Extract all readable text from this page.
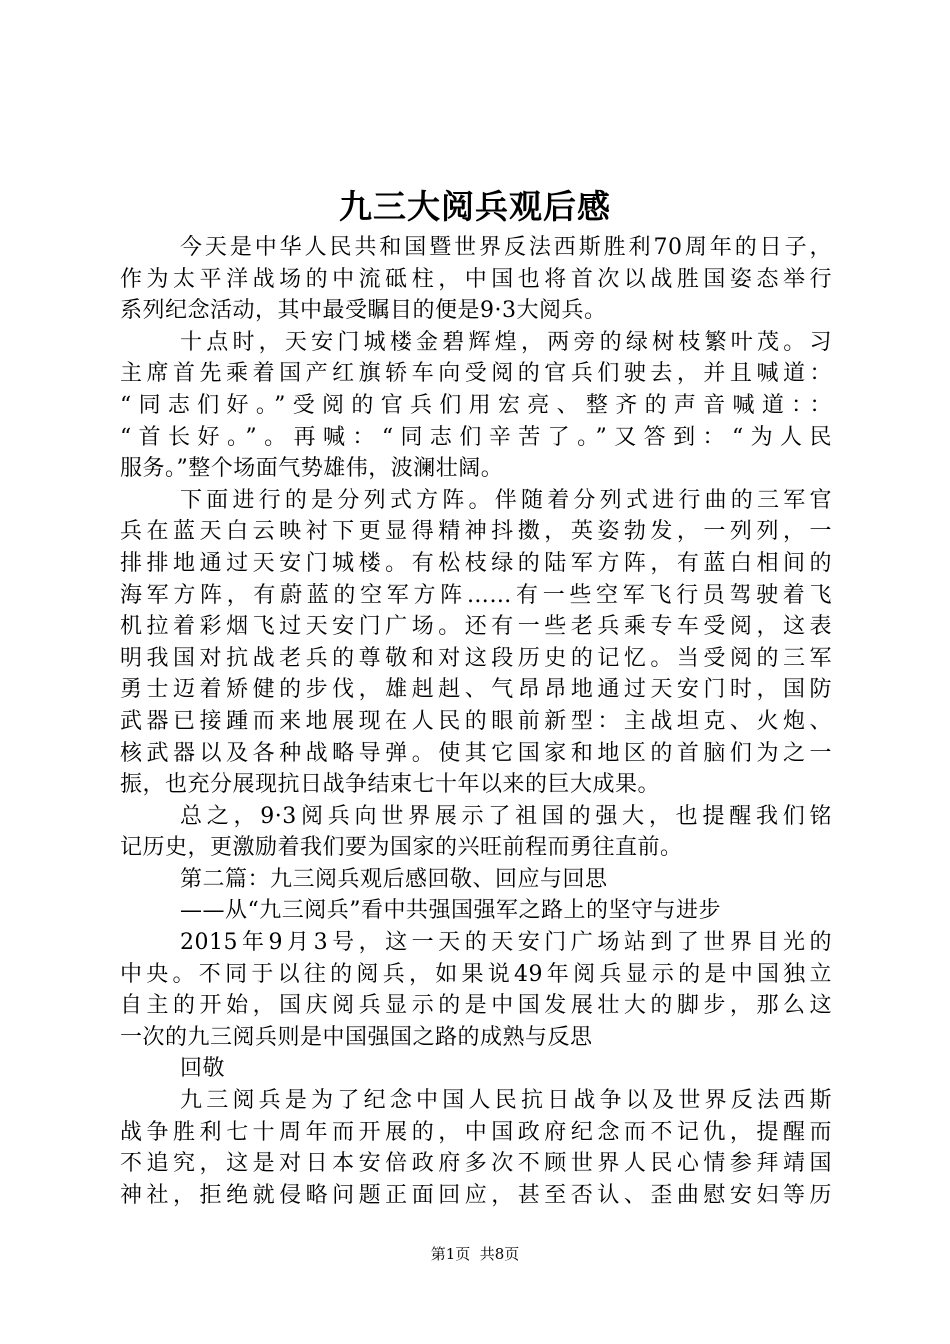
九三大阅兵观后感
今天是中华人民共和国暨世界反法西斯胜利70周年的日子，
作为太平洋战场的中流砥柱，中国也将首次以战胜国姿态举行
系列纪念活动，其中最受瞩目的便是9·3大阅兵。
十点时，天安门城楼金碧辉煌，两旁的绿树枝繁叶茂。习
主席首先乘着国产红旗轿车向受阅的官兵们驶去，并且喊道：
“同志们好。”受阅的官兵们用宏亮、整齐的声音喊道：：
“首长好。”。再喊：“同志们辛苦了。”又答到：“为人民
服务。”整个场面气势雄伟，波澜壮阔。
下面进行的是分列式方阵。伴随着分列式进行曲的三军官
兵在蓝天白云映衬下更显得精神抖擞，英姿勃发，一列列，一
排排地通过天安门城楼。有松枝绿的陆军方阵，有蓝白相间的
海军方阵，有蔚蓝的空军方阵……有一些空军飞行员驾驶着飞
机拉着彩烟飞过天安门广场。还有一些老兵乘专车受阅，这表
明我国对抗战老兵的尊敬和对这段历史的记忆。当受阅的三军
勇士迈着矫健的步伐，雄赳赳、气昂昂地通过天安门时，国防
武器已接踵而来地展现在人民的眼前新型：主战坦克、火炮、
核武器以及各种战略导弹。使其它国家和地区的首脑们为之一
振，也充分展现抗日战争结束七十年以来的巨大成果。
总之，9·3阅兵向世界展示了祖国的强大，也提醒我们铭
记历史，更激励着我们要为国家的兴旺前程而勇往直前。
第二篇：九三阅兵观后感回敬、回应与回思
——从“九三阅兵”看中共强国强军之路上的坚守与进步
2015年9月3号，这一天的天安门广场站到了世界目光的
中央。不同于以往的阅兵，如果说49年阅兵显示的是中国独立
自主的开始，国庆阅兵显示的是中国发展壮大的脚步，那么这
一次的九三阅兵则是中国强国之路的成熟与反思
回敬
九三阅兵是为了纪念中国人民抗日战争以及世界反法西斯
战争胜利七十周年而开展的，中国政府纪念而不记仇，提醒而
不追究，这是对日本安倍政府多次不顾世界人民心情参拜靖国
神社，拒绝就侵略问题正面回应，甚至否认、歪曲慰安妇等历
第1页  共8页
